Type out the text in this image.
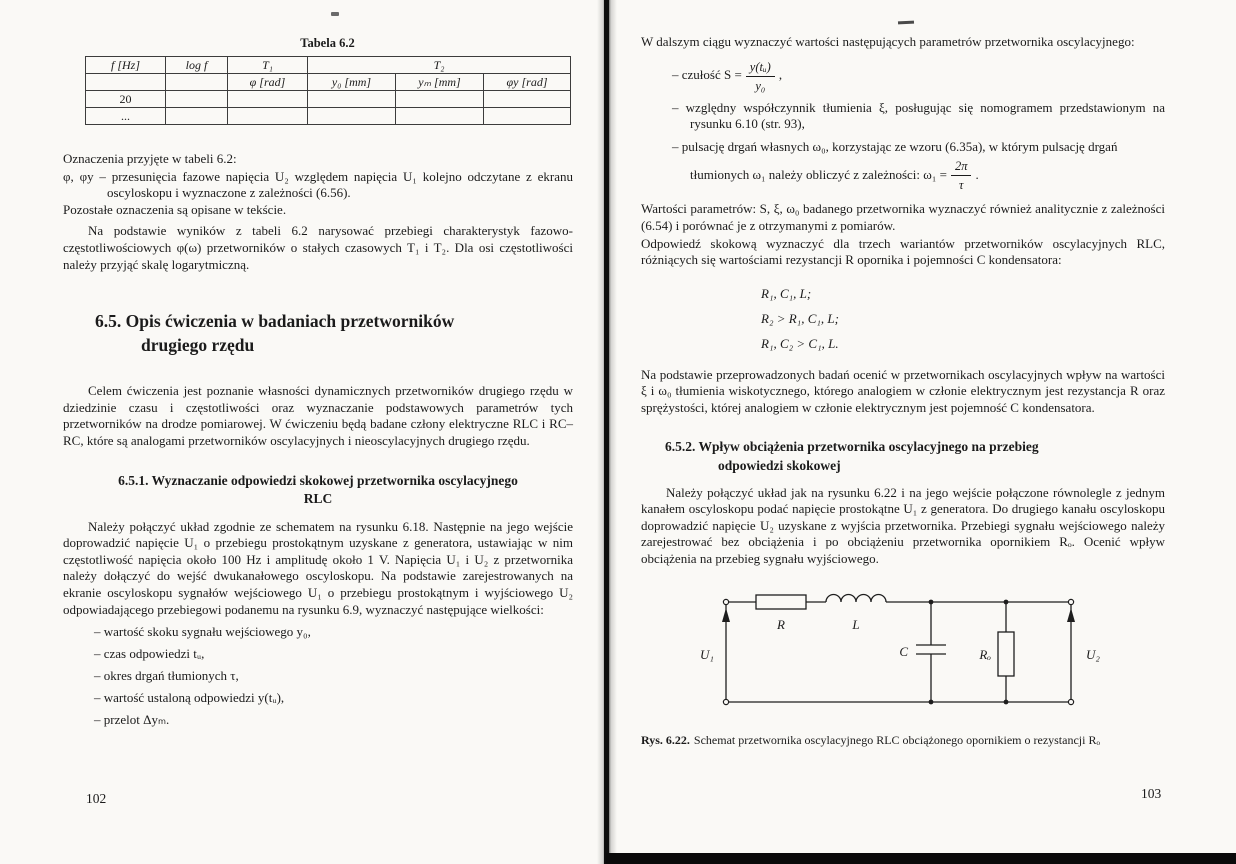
Tabela 6.2
f [Hz]	log f	T₁	T₂		
		φ [rad]	y₀ [mm]	yₘ [mm]	φy [rad]
20					
...					
Oznaczenia przyjęte w tabeli 6.2:
φ, φy – przesunięcia fazowe napięcia U₂ względem napięcia U₁ kolejno odczytane z ekranu oscyloskopu i wyznaczone z zależności (6.56).
Pozostałe oznaczenia są opisane w tekście.
Na podstawie wyników z tabeli 6.2 narysować przebiegi charakterystyk fazowo-częstotliwościowych φ(ω) przetworników o stałych czasowych T₁ i T₂. Dla osi częstotliwości należy przyjąć skalę logarytmiczną.
6.5. Opis ćwiczenia w badaniach przetworników
drugiego rzędu
Celem ćwiczenia jest poznanie własności dynamicznych przetworników drugiego rzędu w dziedzinie czasu i częstotliwości oraz wyznaczanie podstawowych parametrów tych przetworników na drodze pomiarowej. W ćwiczeniu będą badane człony elektryczne RLC i RC–RC, które są analogami przetworników oscylacyjnych i nieoscylacyjnych drugiego rzędu.
6.5.1. Wyznaczanie odpowiedzi skokowej przetwornika oscylacyjnego
RLC
Należy połączyć układ zgodnie ze schematem na rysunku 6.18. Następnie na jego wejście doprowadzić napięcie U₁ o przebiegu prostokątnym uzyskane z generatora, ustawiając w nim częstotliwość napięcia około 100 Hz i amplitudę około 1 V. Napięcia U₁ i U₂ z przetwornika należy dołączyć do wejść dwukanałowego oscyloskopu. Na podstawie zarejestrowanych na ekranie oscyloskopu sygnałów wejściowego U₁ o przebiegu prostokątnym i wyjściowego U₂ odpowiadającego przebiegowi podanemu na rysunku 6.9, wyznaczyć następujące wielkości:
– wartość skoku sygnału wejściowego y₀,
– czas odpowiedzi tᵤ,
– okres drgań tłumionych τ,
– wartość ustaloną odpowiedzi y(tᵤ),
– przelot Δyₘ.
102
W dalszym ciągu wyznaczyć wartości następujących parametrów przetwornika oscylacyjnego:
– czułość $S = \frac{\text{y(tᵤ)}}{\text{y₀}}$ ,
– względny współczynnik tłumienia ξ, posługując się nomogramem przedstawionym na rysunku 6.10 (str. 93),
– pulsację drgań własnych ω₀, korzystając ze wzoru (6.35a), w którym pulsację drgań
tłumionych ω₁ należy obliczyć z zależności: $\omega_1 = \frac{2\pi}{\tau}$ .
Wartości parametrów: S, ξ, ω₀ badanego przetwornika wyznaczyć również analitycznie z zależności (6.54) i porównać je z otrzymanymi z pomiarów.
Odpowiedź skokową wyznaczyć dla trzech wariantów przetworników oscylacyjnych RLC, różniących się wartościami rezystancji R opornika i pojemności C kondensatora:
R₁, C₁, L;
R₂ > R₁, C₁, L;
R₁, C₂ > C₁, L.
Na podstawie przeprowadzonych badań ocenić w przetwornikach oscylacyjnych wpływ na wartości ξ i ω₀ tłumienia wiskotycznego, którego analogiem w członie elektrycznym jest rezystancja R oraz sprężystości, której analogiem w członie elektrycznym jest pojemność C kondensatora.
6.5.2. Wpływ obciążenia przetwornika oscylacyjnego na przebieg
odpowiedzi skokowej
Należy połączyć układ jak na rysunku 6.22 i na jego wejście połączone równolegle z jednym kanałem oscyloskopu podać napięcie prostokątne U₁ z generatora. Do drugiego kanału oscyloskopu doprowadzić napięcie U₂ uzyskane z wyjścia przetwornika. Przebiegi sygnału wejściowego należy zarejestrować bez obciążenia i po obciążeniu przetwornika opornikiem Rₒ. Ocenić wpływ obciążenia na przebieg sygnału wyjściowego.
R	L
C	Rₒ
U₁	U₂
Rys. 6.22. Schemat przetwornika oscylacyjnego RLC obciążonego opornikiem o rezystancji Rₒ
103
